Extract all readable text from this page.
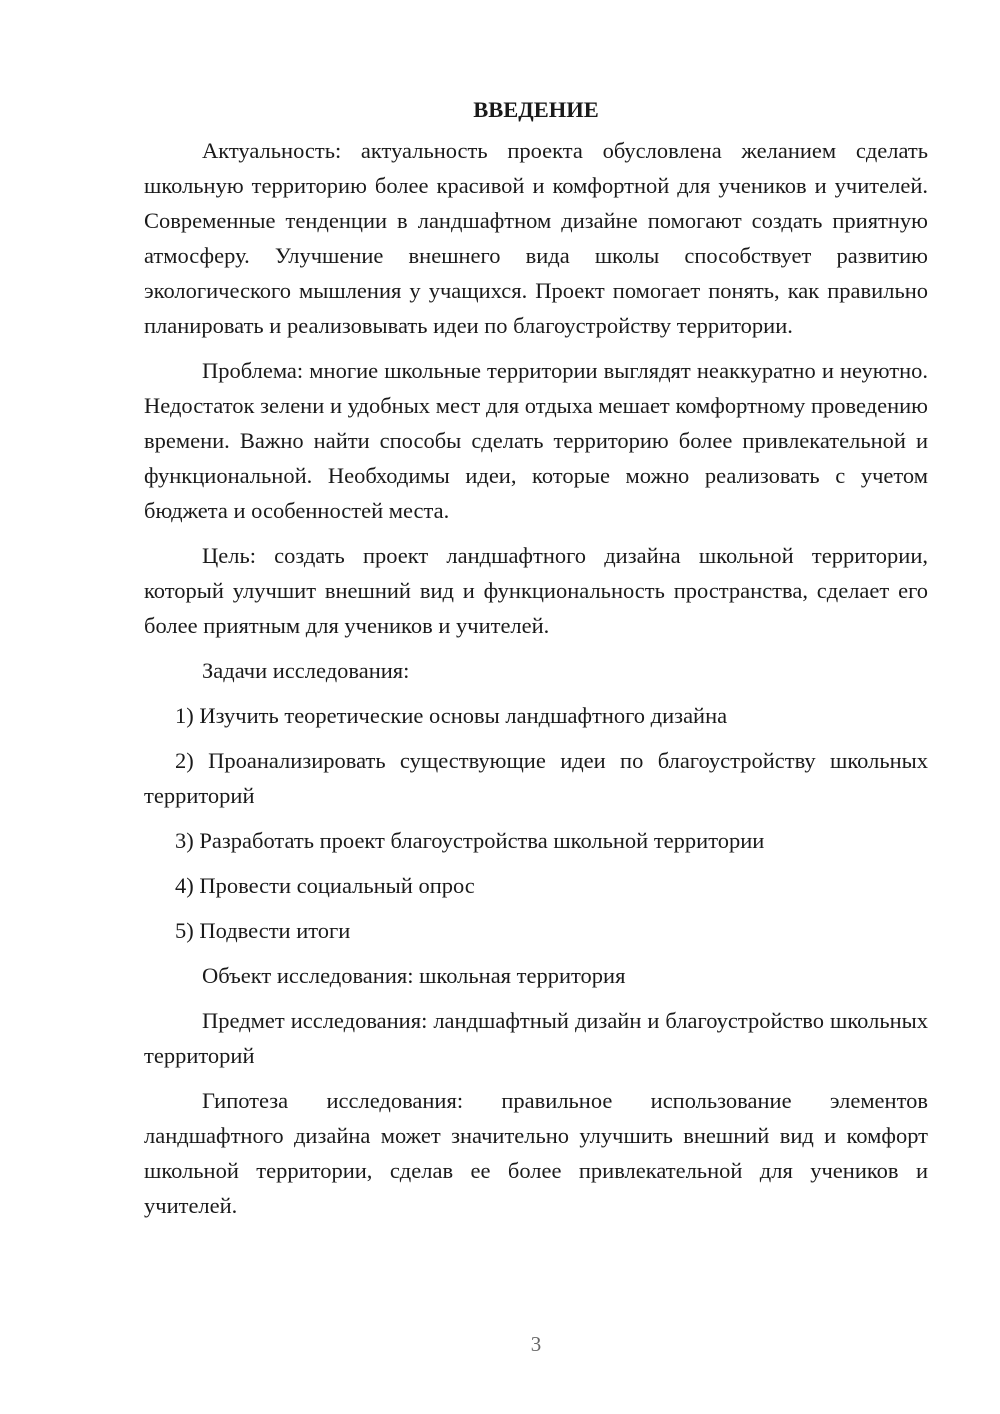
ВВЕДЕНИЕ

Актуальность: актуальность проекта обусловлена желанием сделать школьную территорию более красивой и комфортной для учеников и учителей. Современные тенденции в ландшафтном дизайне помогают создать приятную атмосферу. Улучшение внешнего вида школы способствует развитию экологического мышления у учащихся. Проект помогает понять, как правильно планировать и реализовывать идеи по благоустройству территории.

Проблема: многие школьные территории выглядят неаккуратно и неуютно. Недостаток зелени и удобных мест для отдыха мешает комфортному проведению времени. Важно найти способы сделать территорию более привлекательной и функциональной. Необходимы идеи, которые можно реализовать с учетом бюджета и особенностей места.

Цель: создать проект ландшафтного дизайна школьной территории, который улучшит внешний вид и функциональность пространства, сделает его более приятным для учеников и учителей.

Задачи исследования:

1) Изучить теоретические основы ландшафтного дизайна

2) Проанализировать существующие идеи по благоустройству школьных территорий

3) Разработать проект благоустройства школьной территории

4) Провести социальный опрос

5) Подвести итоги

Объект исследования: школьная территория

Предмет исследования: ландшафтный дизайн и благоустройство школьных территорий

Гипотеза исследования: правильное использование элементов ландшафтного дизайна может значительно улучшить внешний вид и комфорт школьной территории, сделав ее более привлекательной для учеников и учителей.

3
